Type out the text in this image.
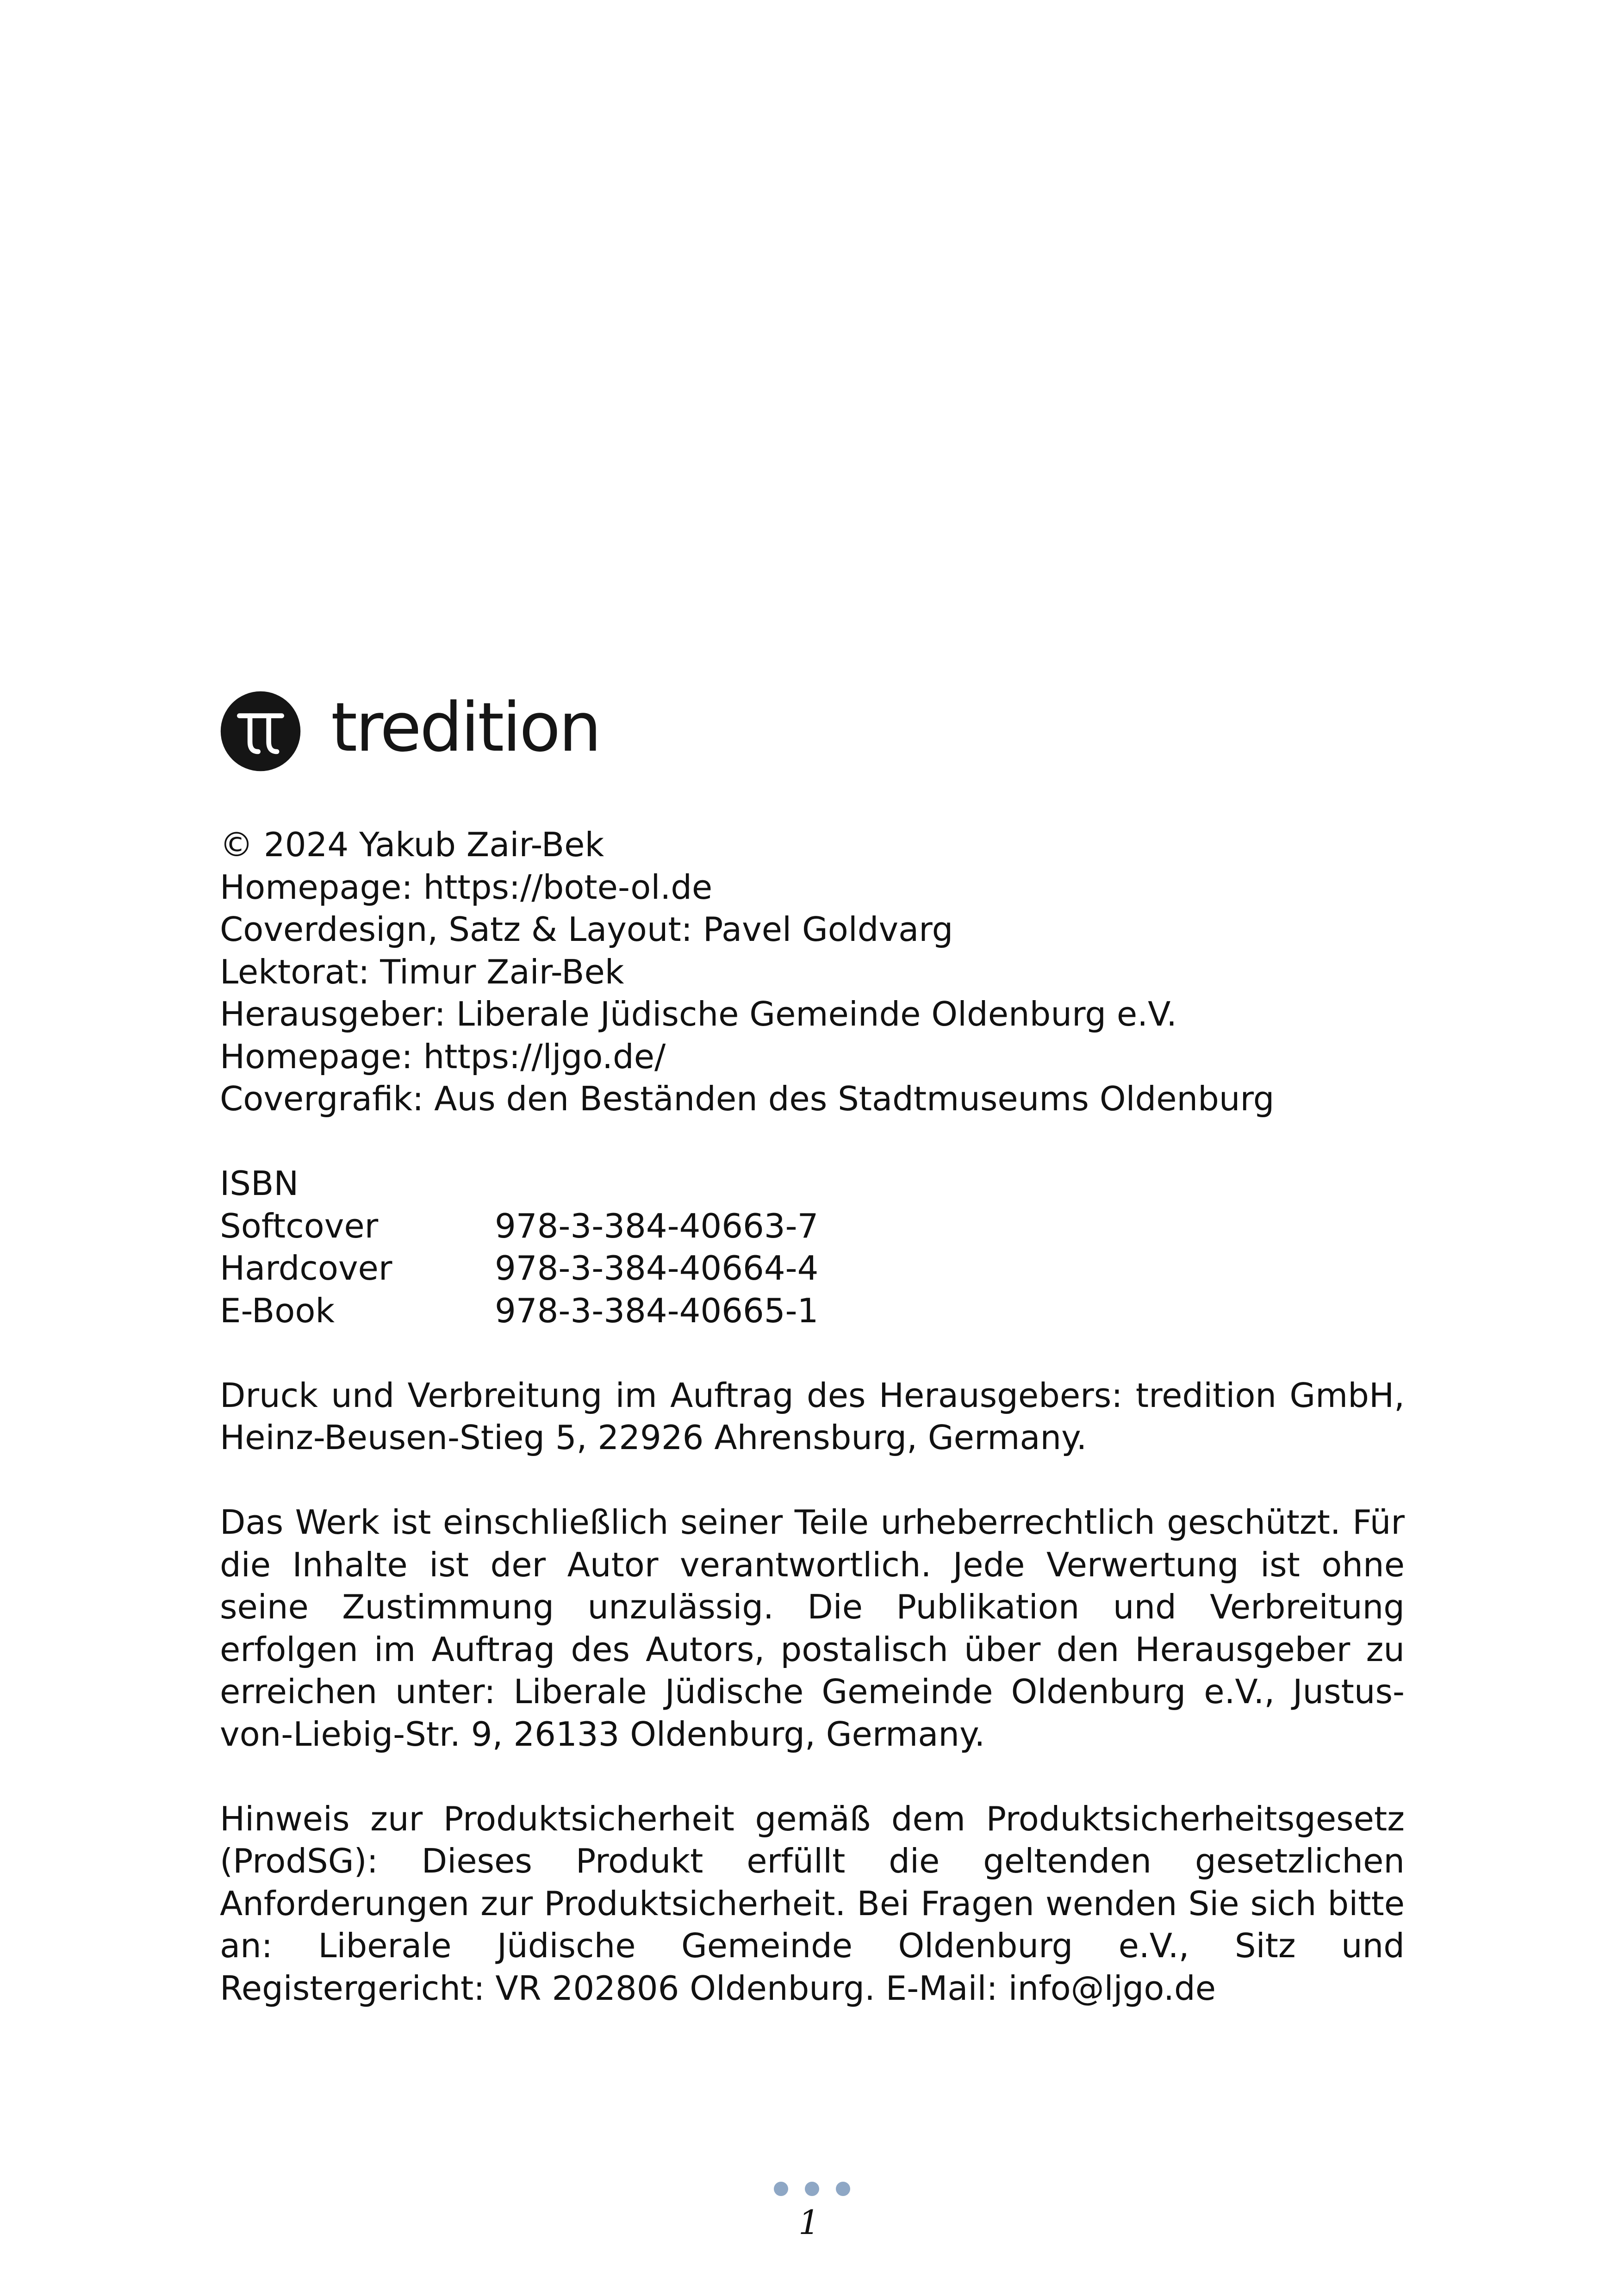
tredition
© 2024 Yakub Zair-Bek
Homepage: https://bote-ol.de
Coverdesign, Satz & Layout: Pavel Goldvarg
Lektorat: Timur Zair-Bek
Herausgeber: Liberale Jüdische Gemeinde Oldenburg e.V.
Homepage: https://ljgo.de/
Covergrafik: Aus den Beständen des Stadtmuseums Oldenburg
ISBN
Softcover	978-3-384-40663-7
Hardcover	978-3-384-40664-4
E-Book	978-3-384-40665-1
Druck und Verbreitung im Auftrag des Herausgebers: tredition GmbH, Heinz-Beusen-Stieg 5, 22926 Ahrensburg, Germany.
Das Werk ist einschließlich seiner Teile urheberrechtlich geschützt. Für die Inhalte ist der Autor verantwortlich. Jede Verwertung ist ohne seine Zustimmung unzulässig. Die Publikation und Verbreitung erfolgen im Auftrag des Autors, postalisch über den Herausgeber zu erreichen unter: Liberale Jüdische Gemeinde Oldenburg e.V., Justus-von-Liebig-Str. 9, 26133 Oldenburg, Germany.
Hinweis zur Produktsicherheit gemäß dem Produktsicherheitsgesetz (ProdSG): Dieses Produkt erfüllt die geltenden gesetzlichen Anforderungen zur Produktsicherheit. Bei Fragen wenden Sie sich bitte an: Liberale Jüdische Gemeinde Oldenburg e.V., Sitz und Registergericht: VR 202806 Oldenburg. E-Mail: info@ljgo.de
1
